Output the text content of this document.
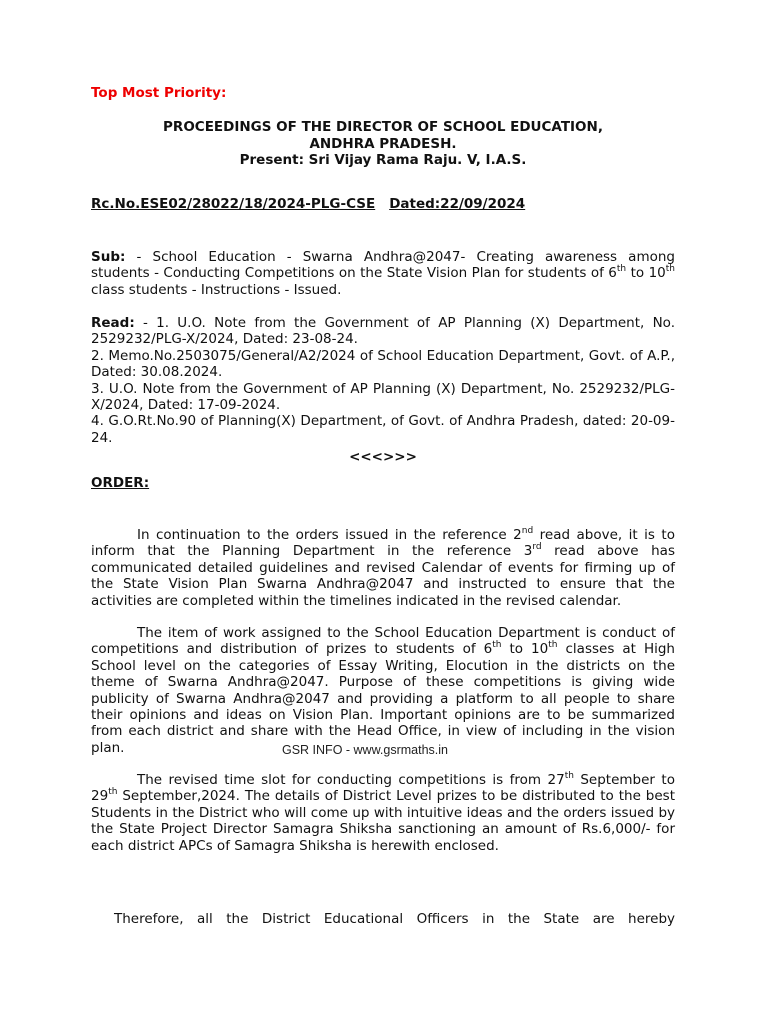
Top Most Priority:
PROCEEDINGS OF THE DIRECTOR OF SCHOOL EDUCATION,
ANDHRA PRADESH.
Present: Sri Vijay Rama Raju. V, I.A.S.
Rc.No.ESE02/28022/18/2024-PLG-CSE Dated:22/09/2024
Sub: - School Education - Swarna Andhra@2047- Creating awareness among students - Conducting Competitions on the State Vision Plan for students of 6th to 10th class students - Instructions - Issued.

Read: - 1. U.O. Note from the Government of AP Planning (X) Department, No. 2529232/PLG-X/2024, Dated: 23-08-24.

2. Memo.No.2503075/General/A2/2024 of School Education Department, Govt. of A.P., Dated: 30.08.2024.

3. U.O. Note from the Government of AP Planning (X) Department, No. 2529232/PLG-X/2024, Dated: 17-09-2024.

4. G.O.Rt.No.90 of Planning(X) Department, of Govt. of Andhra Pradesh, dated: 20-09-24.

<<<>>>
ORDER:
In continuation to the orders issued in the reference 2nd read above, it is to inform that the Planning Department in the reference 3rd read above has communicated detailed guidelines and revised Calendar of events for firming up of the State Vision Plan Swarna Andhra@2047 and instructed to ensure that the activities are completed within the timelines indicated in the revised calendar.
The item of work assigned to the School Education Department is conduct of competitions and distribution of prizes to students of 6th to 10th classes at High School level on the categories of Essay Writing, Elocution in the districts on the theme of Swarna Andhra@2047. Purpose of these competitions is giving wide publicity of Swarna Andhra@2047 and providing a platform to all people to share their opinions and ideas on Vision Plan. Important opinions are to be summarized from each district and share with the Head Office, in view of including in the vision plan.	GSR INFO - www.gsrmaths.in
The revised time slot for conducting competitions is from 27th September to 29th September,2024. The details of District Level prizes to be distributed to the best Students in the District who will come up with intuitive ideas and the orders issued by the State Project Director Samagra Shiksha sanctioning an amount of Rs.6,000/- for each district APCs of Samagra Shiksha is herewith enclosed.
Therefore, all the District Educational Officers in the State are hereby
